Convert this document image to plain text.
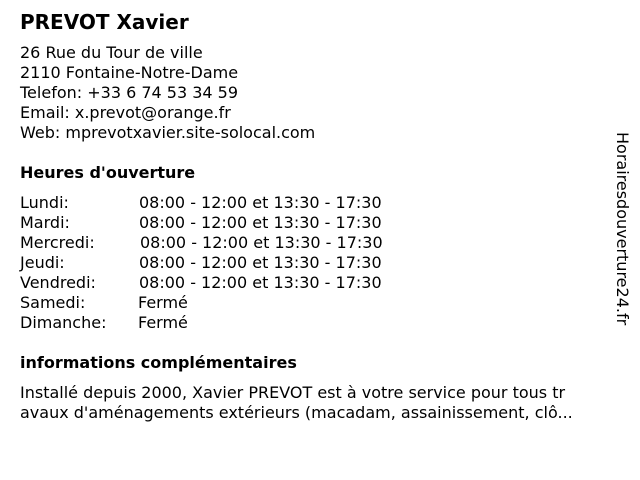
PREVOT Xavier
26 Rue du Tour de ville
2110 Fontaine-Notre-Dame
Telefon: +33 6 74 53 34 59
Email: x.prevot@orange.fr
Web: mprevotxavier.site-solocal.com
Heures d'ouverture
Lundi:	08:00 - 12:00 et 13:30 - 17:30
Mardi:	08:00 - 12:00 et 13:30 - 17:30
Mercredi:	08:00 - 12:00 et 13:30 - 17:30
Jeudi:	08:00 - 12:00 et 13:30 - 17:30
Vendredi:	08:00 - 12:00 et 13:30 - 17:30
Samedi:	Fermé
Dimanche: Fermé
informations complémentaires
Installé depuis 2000, Xavier PREVOT est à votre service pour tous tr
avaux d'aménagements extérieurs (macadam, assainissement, clô...
Horairesdouverture24.fr
